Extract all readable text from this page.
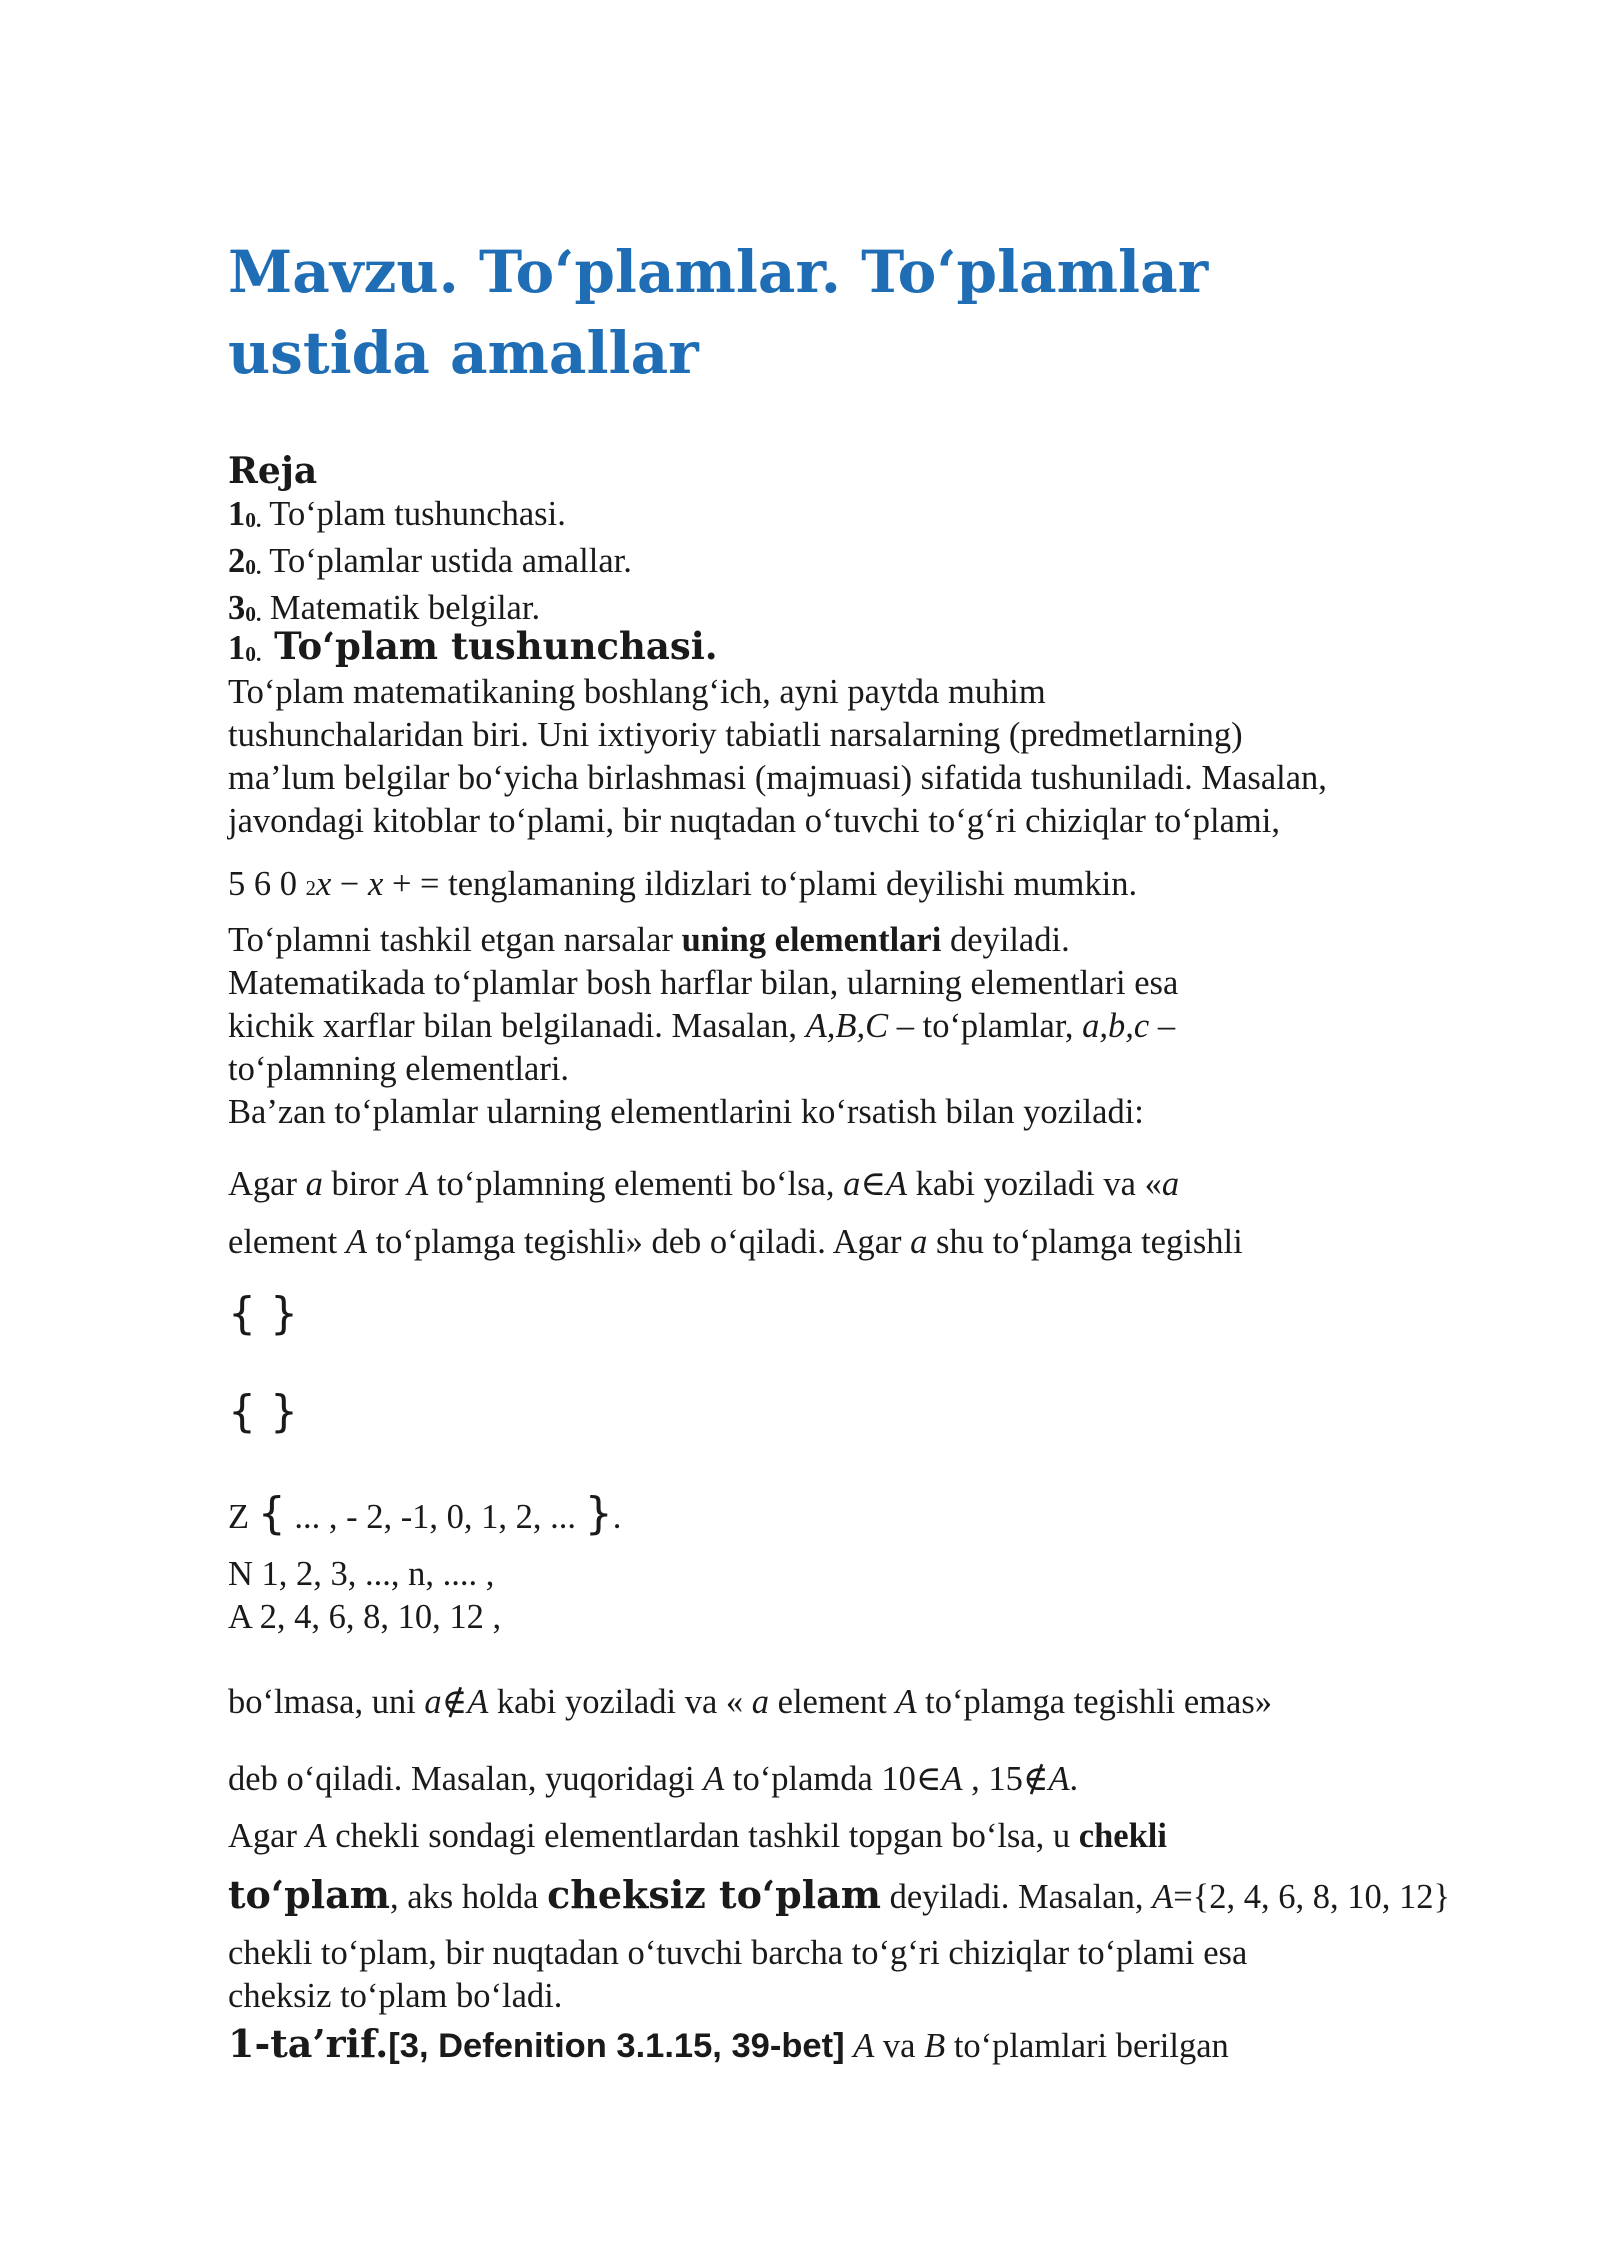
Mavzu. To‘plamlar. To‘plamlar
ustida amallar
Reja
$1_{0.}$ To‘plam tushunchasi.
$2_{0.}$ To‘plamlar ustida amallar.
$3_{0.}$ Matematik belgilar.
$1_{0.}$ To‘plam tushunchasi.
To‘plam matematikaning boshlang‘ich, ayni paytda muhim
tushunchalaridan biri. Uni ixtiyoriy tabiatli narsalarning (predmetlarning)
ma’lum belgilar bo‘yicha birlashmasi (majmuasi) sifatida tushuniladi. Masalan,
javondagi kitoblar to‘plami, bir nuqtadan o‘tuvchi to‘g‘ri chiziqlar to‘plami,
5 6 0 2x − x + = tenglamaning ildizlari to‘plami deyilishi mumkin.
To‘plamni tashkil etgan narsalar uning elementlari deyiladi.
Matematikada to‘plamlar bosh harflar bilan, ularning elementlari esa
kichik xarflar bilan belgilanadi. Masalan, A,B,C – to‘plamlar, a,b,c –
to‘plamning elementlari.
Ba’zan to‘plamlar ularning elementlarini ko‘rsatish bilan yoziladi:
Agar a biror A to‘plamning elementi bo‘lsa, a∈A kabi yoziladi va «a
element A to‘plamga tegishli» deb o‘qiladi. Agar a shu to‘plamga tegishli
{ }
{ }
Z { ... , - 2, -1, 0, 1, 2, ... }.
N 1, 2, 3, ..., n, .... ,
A 2, 4, 6, 8, 10, 12 ,
bo‘lmasa, uni a∉A kabi yoziladi va « a element A to‘plamga tegishli emas»
deb o‘qiladi. Masalan, yuqoridagi A to‘plamda 10∈A , 15∉A.
Agar A chekli sondagi elementlardan tashkil topgan bo‘lsa, u chekli
to‘plam, aks holda cheksiz to‘plam deyiladi. Masalan, A={2, 4, 6, 8, 10, 12}
chekli to‘plam, bir nuqtadan o‘tuvchi barcha to‘g‘ri chiziqlar to‘plami esa
cheksiz to‘plam bo‘ladi.
1-ta’rif.[3, Defenition 3.1.15, 39-bet] A va B to‘plamlari berilgan
